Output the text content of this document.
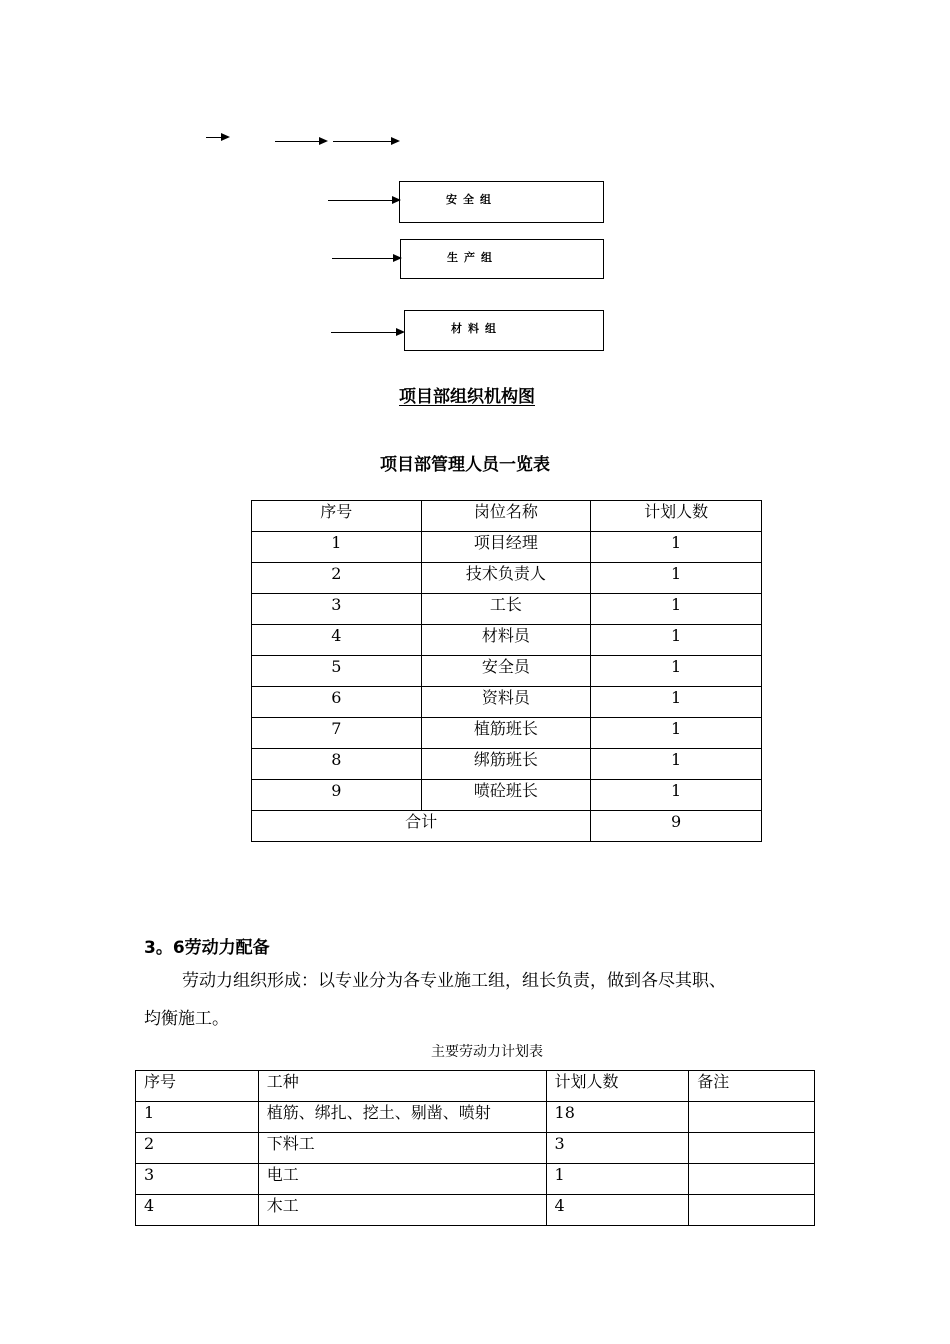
安全组
生产组
材料组
项目部组织机构图
项目部管理人员一览表
序号	岗位名称	计划人数
1	项目经理	1
2	技术负责人	1
3	工长	1
4	材料员	1
5	安全员	1
6	资料员	1
7	植筋班长	1
8	绑筋班长	1
9	喷砼班长	1
合计		9
3。6劳动力配备
劳动力组织形成：以专业分为各专业施工组，组长负责，做到各尽其职、
均衡施工。
主要劳动力计划表
序号	工种	计划人数	备注
1	植筋、绑扎、挖土、剔凿、喷射	18	
2	下料工	3	
3	电工	1	
4	木工	4	
